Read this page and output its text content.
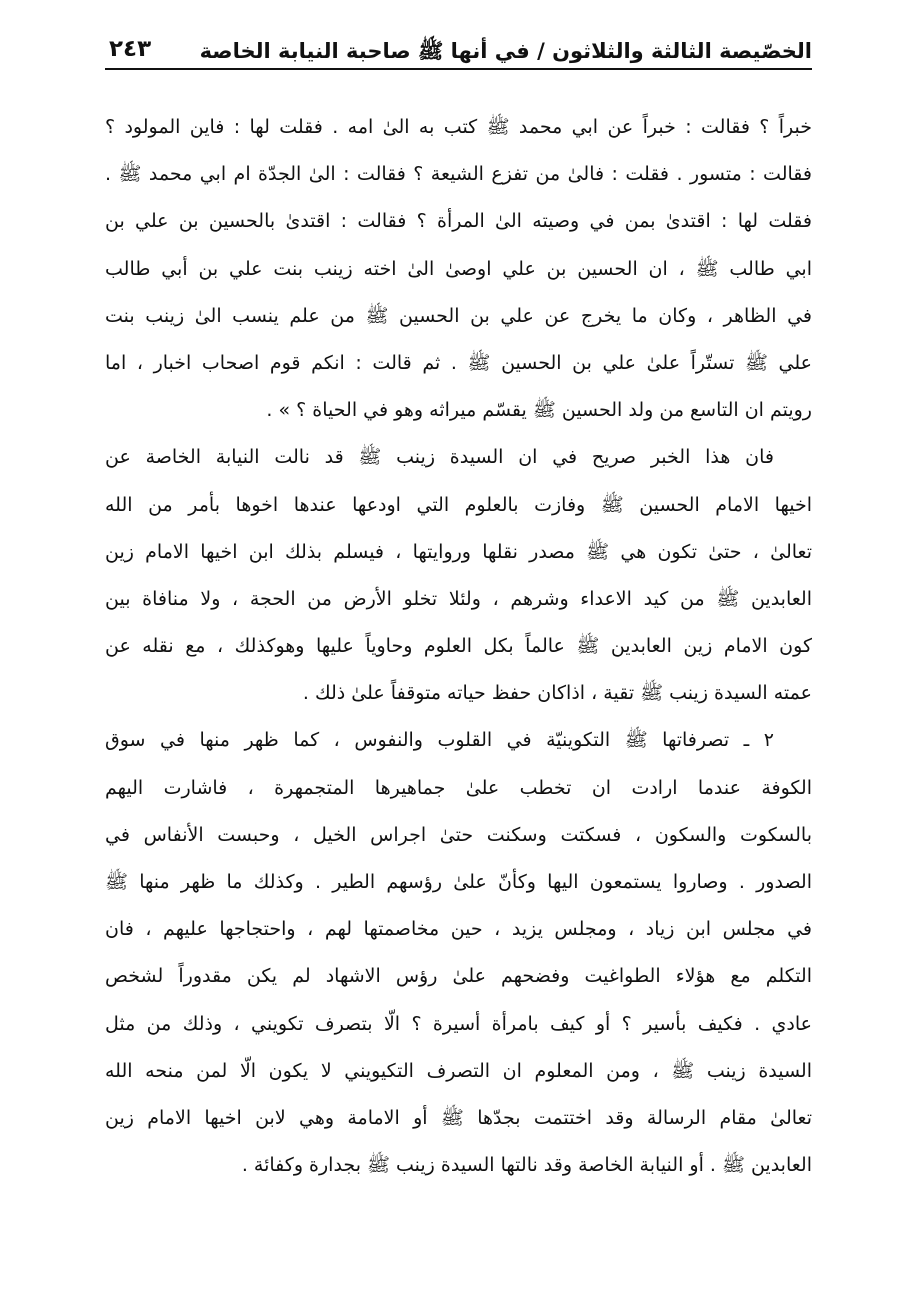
الخصّيصة الثالثة والثلاثون / في أنها ﷺ صاحبة النيابة الخاصة
٢٤٣
خبراً ؟ فقالت : خبراً عن ابي محمد ﷺ كتب به الىٰ امه . فقلت لها : فاين المولود ؟
فقالت : متسور . فقلت : فالىٰ من تفزع الشيعة ؟ فقالت : الىٰ الجدّة ام ابي محمد ﷺ .
فقلت لها : اقتدىٰ بمن في وصيته الىٰ المرأة ؟ فقالت : اقتدىٰ بالحسين بن علي بن
ابي طالب ﷺ ، ان الحسين بن علي اوصىٰ الىٰ اخته زينب بنت علي بن أبي طالب
في الظاهر ، وكان ما يخرج عن علي بن الحسين ﷺ من علم ينسب الىٰ زينب بنت
علي ﷺ تستّراً علىٰ علي بن الحسين ﷺ . ثم قالت : انكم قوم اصحاب اخبار ، اما
رويتم ان التاسع من ولد الحسين ﷺ يقسّم ميراثه وهو في الحياة ؟ » .
فان هذا الخبر صريح في ان السيدة زينب ﷺ قد نالت النيابة الخاصة عن
اخيها الامام الحسين ﷺ وفازت بالعلوم التي اودعها عندها اخوها بأمر من الله
تعالىٰ ، حتىٰ تكون هي ﷺ مصدر نقلها وروايتها ، فيسلم بذلك ابن اخيها الامام زين
العابدين ﷺ من كيد الاعداء وشرهم ، ولئلا تخلو الأرض من الحجة ، ولا منافاة بين
كون الامام زين العابدين ﷺ عالماً بكل العلوم وحاوياً عليها وهوكذلك ، مع نقله عن
عمته السيدة زينب ﷺ تقية ، اذاكان حفظ حياته متوقفاً علىٰ ذلك .
٢ ـ تصرفاتها ﷺ التكوينيّة في القلوب والنفوس ، كما ظهر منها في سوق
الكوفة عندما ارادت ان تخطب علىٰ جماهيرها المتجمهرة ، فاشارت اليهم
بالسكوت والسكون ، فسكتت وسكنت حتىٰ اجراس الخيل ، وحبست الأنفاس في
الصدور . وصاروا يستمعون اليها وكأنّ علىٰ رؤسهم الطير . وكذلك ما ظهر منها ﷺ
في مجلس ابن زياد ، ومجلس يزيد ، حين مخاصمتها لهم ، واحتجاجها عليهم ، فان
التكلم مع هؤلاء الطواغيت وفضحهم علىٰ رؤس الاشهاد لم يكن مقدوراً لشخص
عادي . فكيف بأسير ؟ أو كيف بامرأة أسيرة ؟ الّا بتصرف تكويني ، وذلك من مثل
السيدة زينب ﷺ ، ومن المعلوم ان التصرف التكيويني لا يكون الّا لمن منحه الله
تعالىٰ مقام الرسالة وقد اختتمت بجدّها ﷺ أو الامامة وهي لابن اخيها الامام زين
العابدين ﷺ . أو النيابة الخاصة وقد نالتها السيدة زينب ﷺ بجدارة وكفائة .
